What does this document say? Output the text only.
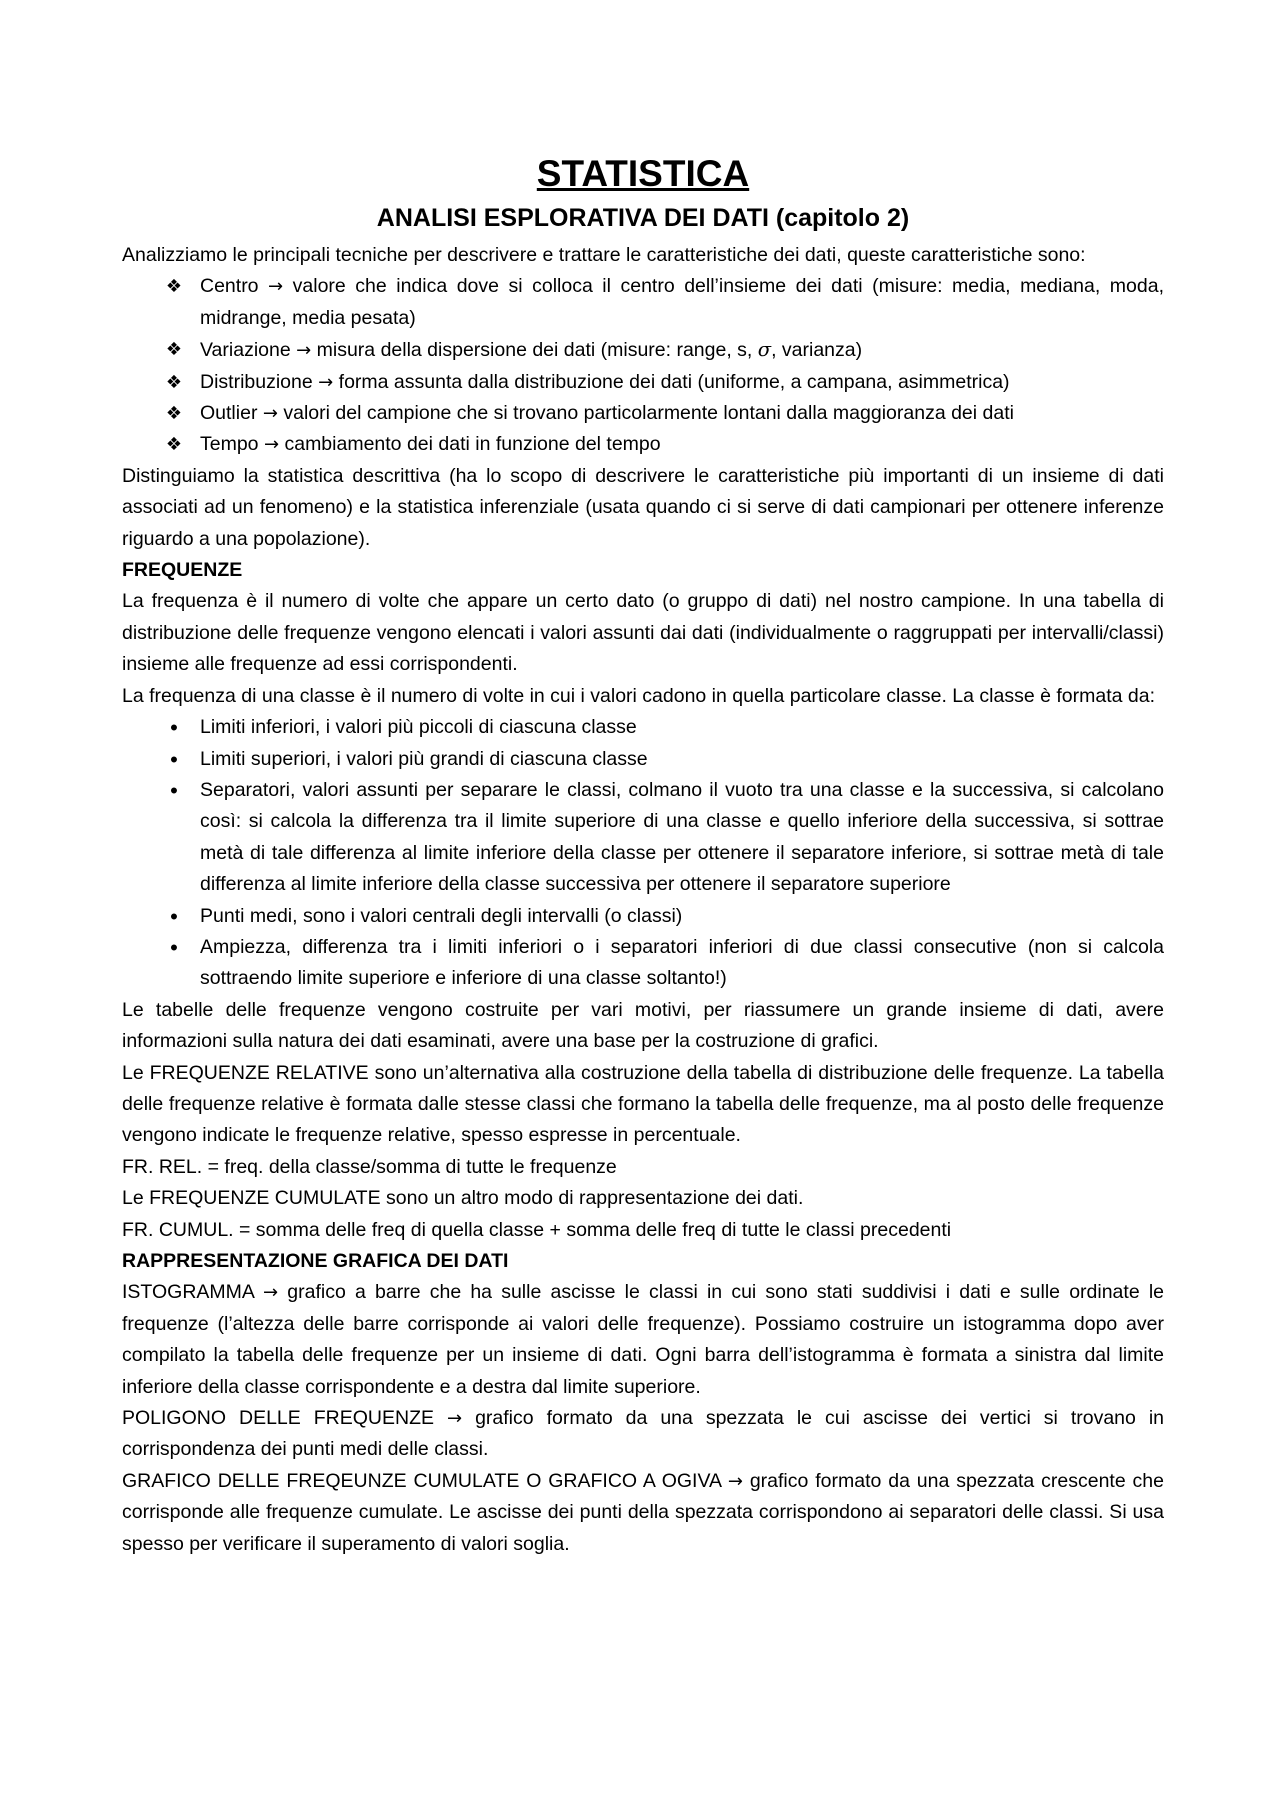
STATISTICA
ANALISI ESPLORATIVA DEI DATI (capitolo 2)

Analizziamo le principali tecniche per descrivere e trattare le caratteristiche dei dati, queste caratteristiche sono:

❖ Centro → valore che indica dove si colloca il centro dell’insieme dei dati (misure: media, mediana, moda, midrange, media pesata)
❖ Variazione → misura della dispersione dei dati (misure: range, s, σ, varianza)
❖ Distribuzione → forma assunta dalla distribuzione dei dati (uniforme, a campana, asimmetrica)
❖ Outlier → valori del campione che si trovano particolarmente lontani dalla maggioranza dei dati
❖ Tempo → cambiamento dei dati in funzione del tempo

Distinguiamo la statistica descrittiva (ha lo scopo di descrivere le caratteristiche più importanti di un insieme di dati associati ad un fenomeno) e la statistica inferenziale (usata quando ci si serve di dati campionari per ottenere inferenze riguardo a una popolazione).

FREQUENZE

La frequenza è il numero di volte che appare un certo dato (o gruppo di dati) nel nostro campione. In una tabella di distribuzione delle frequenze vengono elencati i valori assunti dai dati (individualmente o raggruppati per intervalli/classi) insieme alle frequenze ad essi corrispondenti.

La frequenza di una classe è il numero di volte in cui i valori cadono in quella particolare classe. La classe è formata da:

•	Limiti inferiori, i valori più piccoli di ciascuna classe
•	Limiti superiori, i valori più grandi di ciascuna classe
•	Separatori, valori assunti per separare le classi, colmano il vuoto tra una classe e la successiva, si calcolano così: si calcola la differenza tra il limite superiore di una classe e quello inferiore della successiva, si sottrae metà di tale differenza al limite inferiore della classe per ottenere il separatore inferiore, si sottrae metà di tale differenza al limite inferiore della classe successiva per ottenere il separatore superiore
•	Punti medi, sono i valori centrali degli intervalli (o classi)
•	Ampiezza, differenza tra i limiti inferiori o i separatori inferiori di due classi consecutive (non si calcola sottraendo limite superiore e inferiore di una classe soltanto!)

Le tabelle delle frequenze vengono costruite per vari motivi, per riassumere un grande insieme di dati, avere informazioni sulla natura dei dati esaminati, avere una base per la costruzione di grafici.

Le FREQUENZE RELATIVE sono un’alternativa alla costruzione della tabella di distribuzione delle frequenze. La tabella delle frequenze relative è formata dalle stesse classi che formano la tabella delle frequenze, ma al posto delle frequenze vengono indicate le frequenze relative, spesso espresse in percentuale.

FR. REL. = freq. della classe/somma di tutte le frequenze

Le FREQUENZE CUMULATE sono un altro modo di rappresentazione dei dati.

FR. CUMUL. = somma delle freq di quella classe + somma delle freq di tutte le classi precedenti

RAPPRESENTAZIONE GRAFICA DEI DATI

ISTOGRAMMA → grafico a barre che ha sulle ascisse le classi in cui sono stati suddivisi i dati e sulle ordinate le frequenze (l’altezza delle barre corrisponde ai valori delle frequenze). Possiamo costruire un istogramma dopo aver compilato la tabella delle frequenze per un insieme di dati. Ogni barra dell’istogramma è formata a sinistra dal limite inferiore della classe corrispondente e a destra dal limite superiore.

POLIGONO DELLE FREQUENZE → grafico formato da una spezzata le cui ascisse dei vertici si trovano in corrispondenza dei punti medi delle classi.

GRAFICO DELLE FREQEUNZE CUMULATE O GRAFICO A OGIVA → grafico formato da una spezzata crescente che corrisponde alle frequenze cumulate. Le ascisse dei punti della spezzata corrispondono ai separatori delle classi. Si usa spesso per verificare il superamento di valori soglia.
